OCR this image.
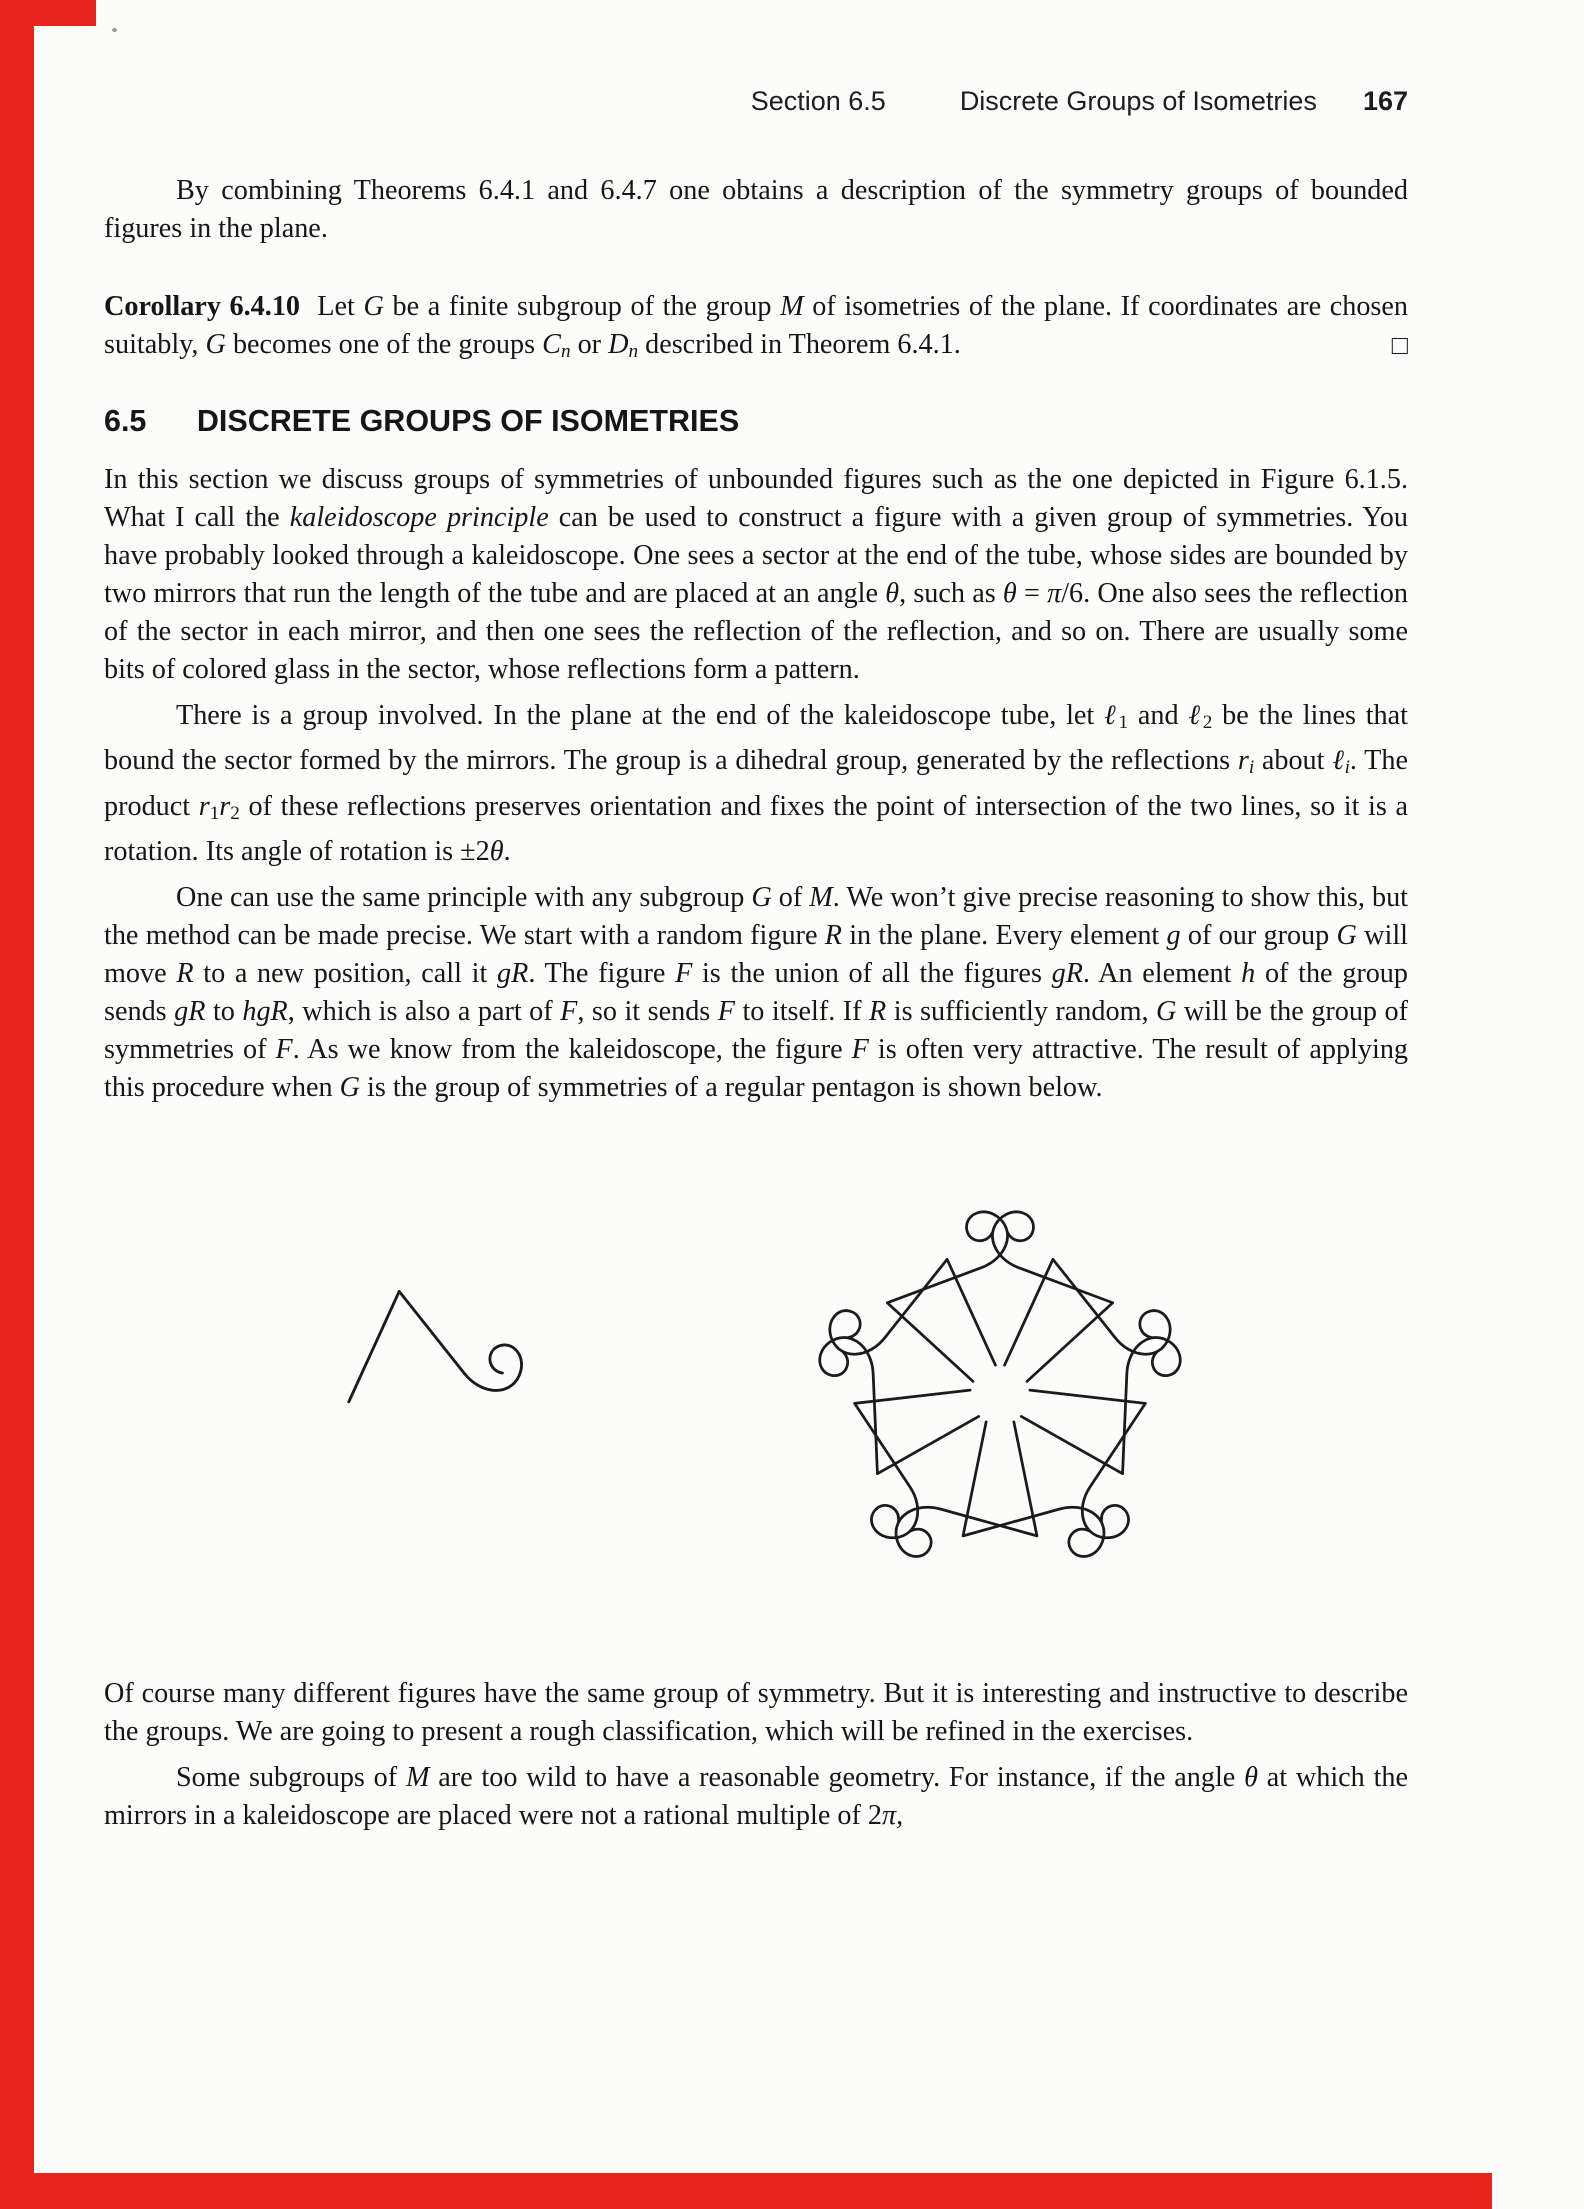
Section 6.5	Discrete Groups of Isometries 167

By combining Theorems 6.4.1 and 6.4.7 one obtains a description of the symmetry groups of bounded figures in the plane.

Corollary 6.4.10  Let G be a finite subgroup of the group M of isometries of the plane. If coordinates are chosen suitably, G becomes one of the groups Cn or Dn described in Theorem 6.4.1.	□

6.5 DISCRETE GROUPS OF ISOMETRIES

In this section we discuss groups of symmetries of unbounded figures such as the one depicted in Figure 6.1.5. What I call the kaleidoscope principle can be used to construct a figure with a given group of symmetries. You have probably looked through a kaleidoscope. One sees a sector at the end of the tube, whose sides are bounded by two mirrors that run the length of the tube and are placed at an angle θ, such as θ = π/6. One also sees the reflection of the sector in each mirror, and then one sees the reflection of the reflection, and so on. There are usually some bits of colored glass in the sector, whose reflections form a pattern.

There is a group involved. In the plane at the end of the kaleidoscope tube, let ℓ$_1$ and ℓ$_2$ be the lines that bound the sector formed by the mirrors. The group is a dihedral group, generated by the reflections ri about ℓi. The product $r_1r_2$ of these reflections preserves orientation and fixes the point of intersection of the two lines, so it is a rotation. Its angle of rotation is ±2θ.

One can use the same principle with any subgroup G of M. We won’t give precise reasoning to show this, but the method can be made precise. We start with a random figure R in the plane. Every element g of our group G will move R to a new position, call it gR. The figure F is the union of all the figures gR. An element h of the group sends gR to hgR, which is also a part of F, so it sends F to itself. If R is sufficiently random, G will be the group of symmetries of F. As we know from the kaleidoscope, the figure F is often very attractive. The result of applying this procedure when G is the group of symmetries of a regular pentagon is shown below.

Of course many different figures have the same group of symmetry. But it is interesting and instructive to describe the groups. We are going to present a rough classification, which will be refined in the exercises.

Some subgroups of M are too wild to have a reasonable geometry. For instance, if the angle θ at which the mirrors in a kaleidoscope are placed were not a rational multiple of 2π,
